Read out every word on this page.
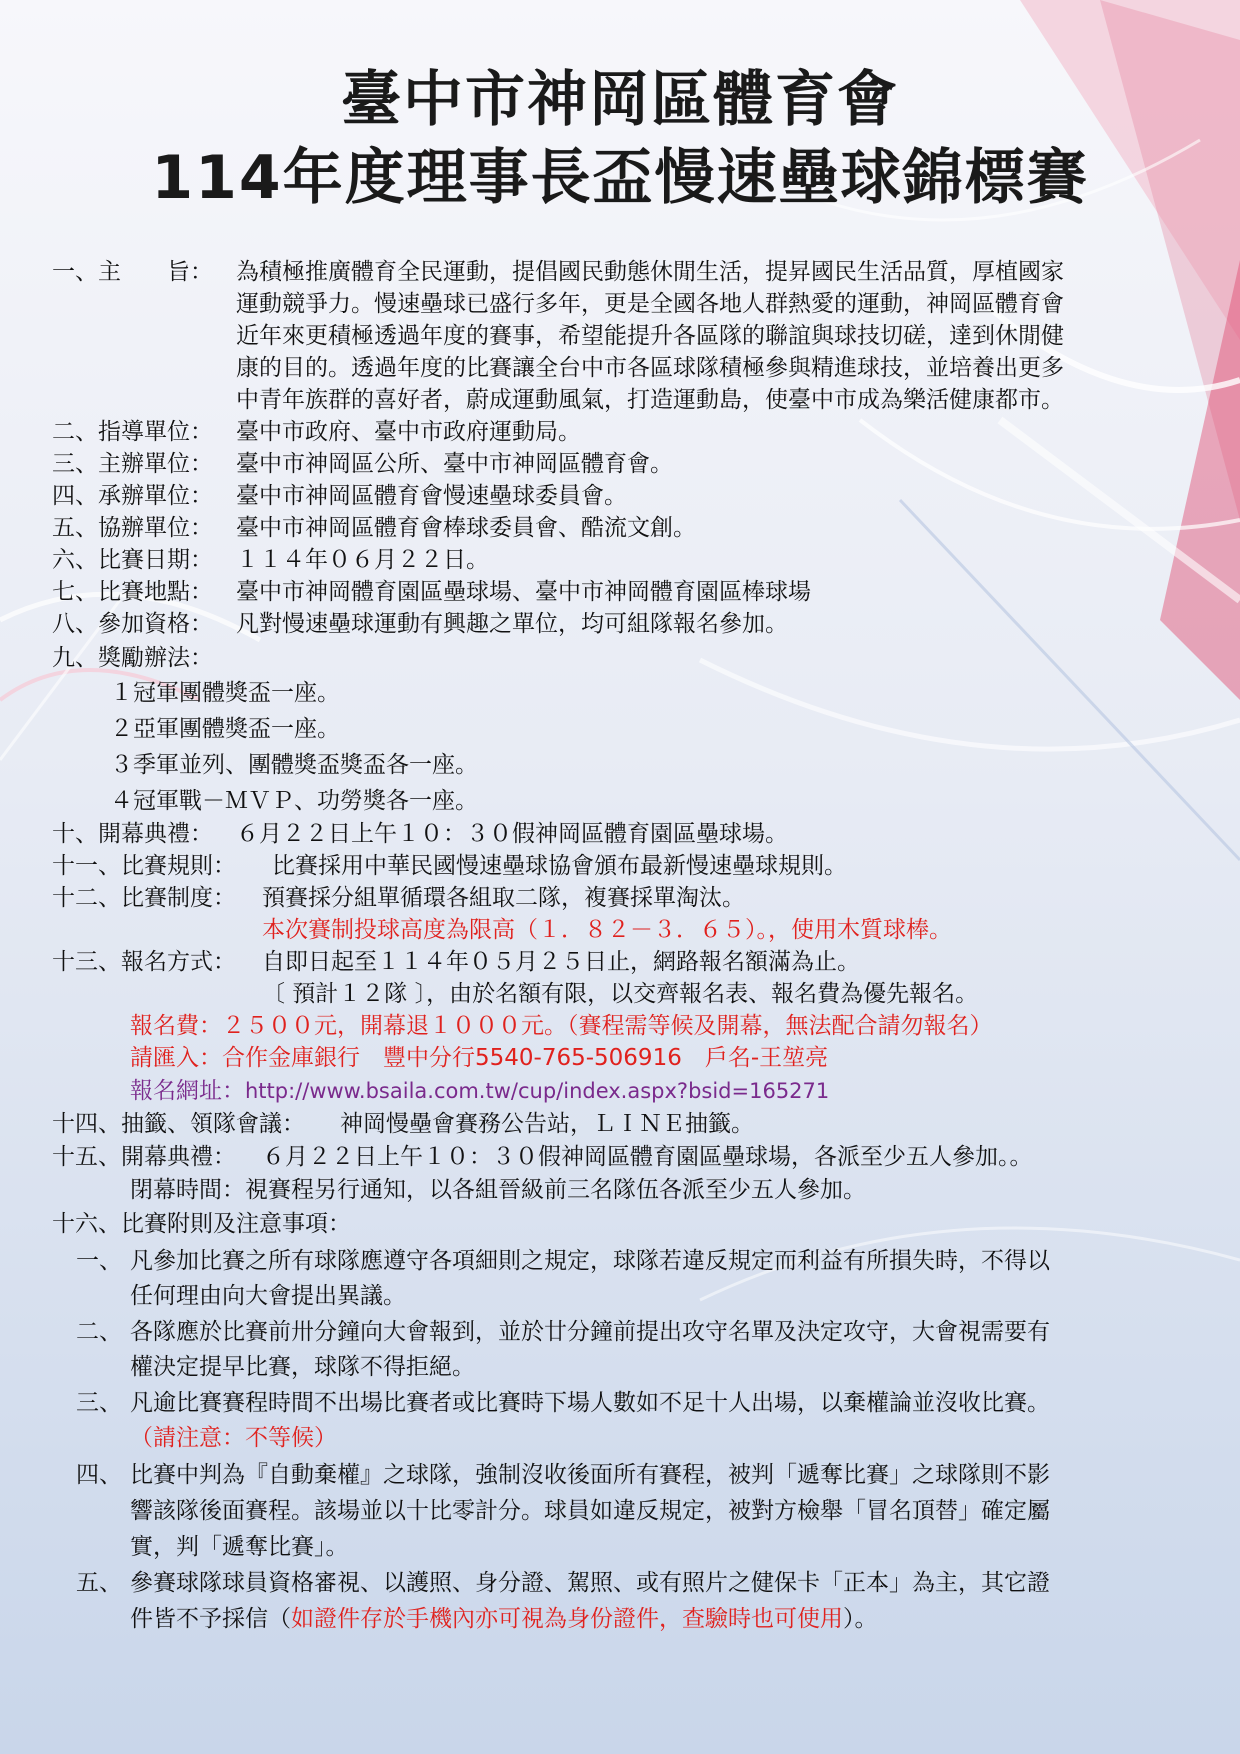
臺中市神岡區體育會
114年度理事長盃慢速壘球錦標賽
一、主　　旨： 為積極推廣體育全民運動，提倡國民動態休閒生活，提昇國民生活品質，厚植國家
運動競爭力。慢速壘球已盛行多年，更是全國各地人群熱愛的運動，神岡區體育會
近年來更積極透過年度的賽事，希望能提升各區隊的聯誼與球技切磋，達到休閒健
康的目的。透過年度的比賽讓全台中市各區球隊積極參與精進球技，並培養出更多
中青年族群的喜好者，蔚成運動風氣，打造運動島，使臺中市成為樂活健康都市。
二、指導單位： 臺中市政府、臺中市政府運動局。
三、主辦單位： 臺中市神岡區公所、臺中市神岡區體育會。
四、承辦單位： 臺中市神岡區體育會慢速壘球委員會。
五、協辦單位： 臺中市神岡區體育會棒球委員會、酷流文創。
六、比賽日期： １１４年０６月２２日。
七、比賽地點： 臺中市神岡體育園區壘球場、臺中市神岡體育園區棒球場
八、參加資格： 凡對慢速壘球運動有興趣之單位，均可組隊報名參加。
九、獎勵辦法：
１冠軍團體獎盃一座。
２亞軍團體獎盃一座。
３季軍並列、團體獎盃獎盃各一座。
４冠軍戰－ＭＶＰ、功勞獎各一座。
十、開幕典禮： ６月２２日上午１０：３０假神岡區體育園區壘球場。
十一、比賽規則： 比賽採用中華民國慢速壘球協會頒布最新慢速壘球規則。
十二、比賽制度： 預賽採分組單循環各組取二隊，複賽採單淘汰。
本次賽制投球高度為限高（１．８２－３．６５）。，使用木質球棒。
十三、報名方式： 自即日起至１１４年０５月２５日止，網路報名額滿為止。
〔 預計１２隊 〕，由於名額有限，以交齊報名表、報名費為優先報名。
報名費：２５００元，開幕退１０００元。（賽程需等候及開幕，無法配合請勿報名）
請匯入：合作金庫銀行　豐中分行5540-765-506916　戶名-王堃亮
報名網址：http://www.bsaila.com.tw/cup/index.aspx?bsid=165271
十四、抽籤、領隊會議： 神岡慢壘會賽務公告站，ＬＩＮＥ抽籤。
十五、開幕典禮： ６月２２日上午１０：３０假神岡區體育園區壘球場，各派至少五人參加。。
閉幕時間：視賽程另行通知，以各組晉級前三名隊伍各派至少五人參加。
十六、比賽附則及注意事項：
一、 凡參加比賽之所有球隊應遵守各項細則之規定，球隊若違反規定而利益有所損失時，不得以
任何理由向大會提出異議。
二、 各隊應於比賽前卅分鐘向大會報到，並於廿分鐘前提出攻守名單及決定攻守，大會視需要有
權決定提早比賽，球隊不得拒絕。
三、 凡逾比賽賽程時間不出場比賽者或比賽時下場人數如不足十人出場，以棄權論並沒收比賽。
（請注意：不等候）
四、 比賽中判為『自動棄權』之球隊，強制沒收後面所有賽程，被判「遞奪比賽」之球隊則不影
響該隊後面賽程。該場並以十比零計分。球員如違反規定，被對方檢舉「冒名頂替」確定屬
實，判「遞奪比賽」。
五、 參賽球隊球員資格審視、以護照、身分證、駕照、或有照片之健保卡「正本」為主，其它證
件皆不予採信（如證件存於手機內亦可視為身份證件，查驗時也可使用）。
